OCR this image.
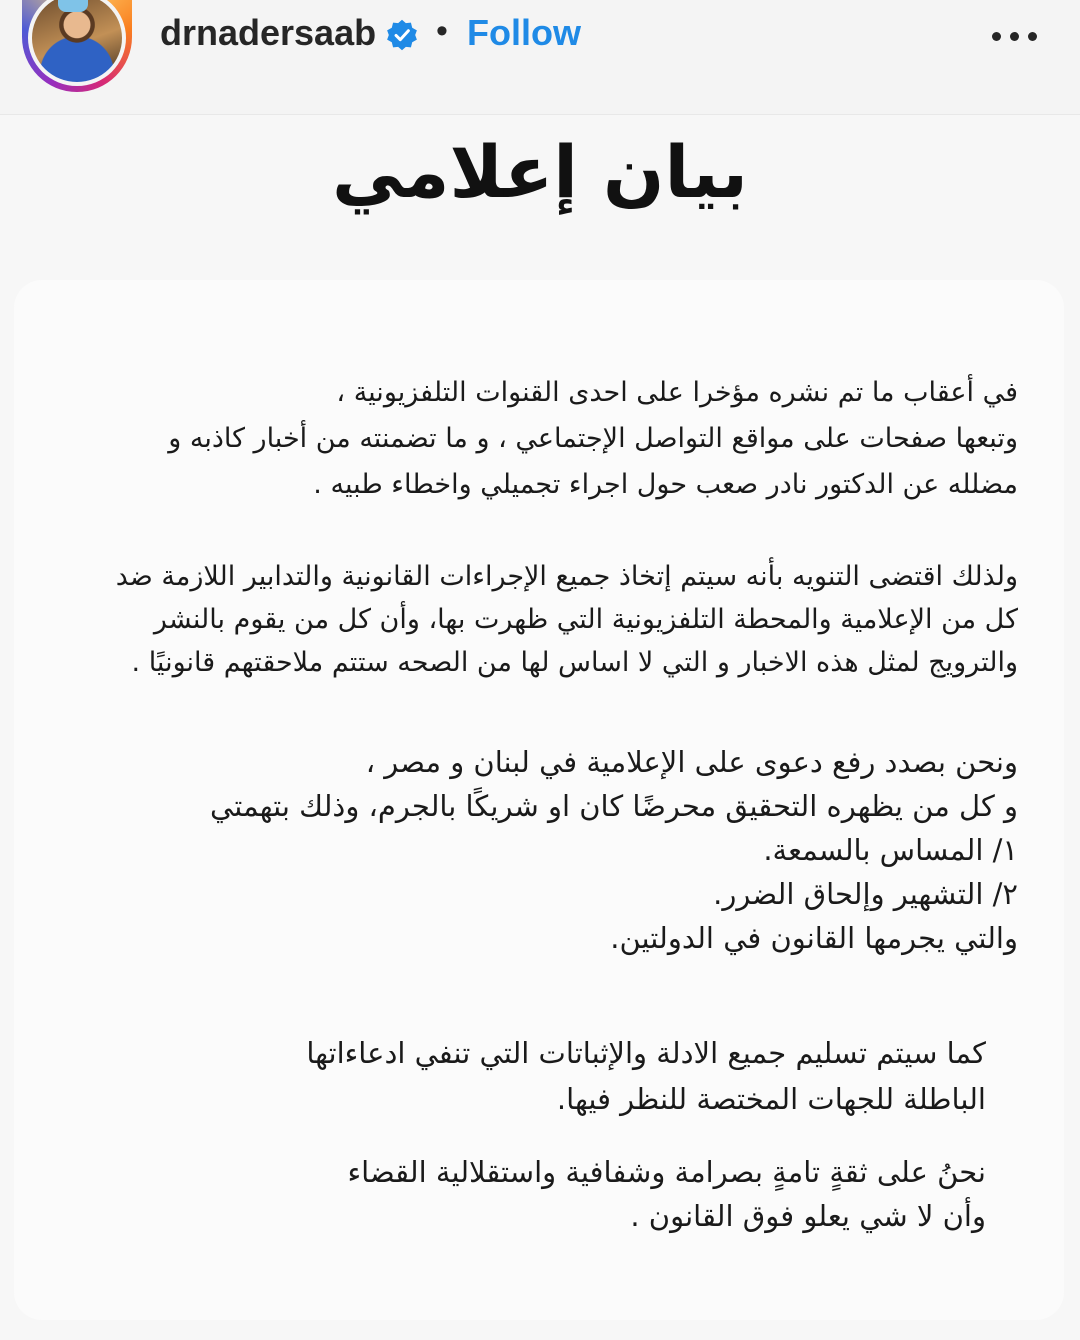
drnadersaab • Follow
بيان إعلامي
في أعقاب ما تم نشره مؤخرا على احدى القنوات التلفزيونية ،
وتبعها صفحات على مواقع التواصل الإجتماعي ، و ما تضمنته من أخبار كاذبه و
مضلله عن الدكتور نادر صعب حول اجراء تجميلي واخطاء طبيه .
ولذلك اقتضى التنويه بأنه سيتم إتخاذ جميع الإجراءات القانونية والتدابير اللازمة ضد
كل من الإعلامية والمحطة التلفزيونية التي ظهرت بها، وأن كل من يقوم بالنشر
والترويج لمثل هذه الاخبار و التي لا اساس لها من الصحه ستتم ملاحقتهم قانونيًا .
ونحن بصدد رفع دعوى على الإعلامية في لبنان و مصر ،
و كل من يظهره التحقيق محرضًا كان او شريكًا بالجرم، وذلك بتهمتي
١/ المساس بالسمعة.
٢/ التشهير وإلحاق الضرر.
والتي يجرمها القانون في الدولتين.
كما سيتم تسليم جميع الادلة والإثباتات التي تنفي ادعاءاتها
الباطلة للجهات المختصة للنظر فيها.
نحنُ على ثقةٍ تامةٍ بصرامة وشفافية واستقلالية القضاء
وأن لا شي يعلو فوق القانون .
